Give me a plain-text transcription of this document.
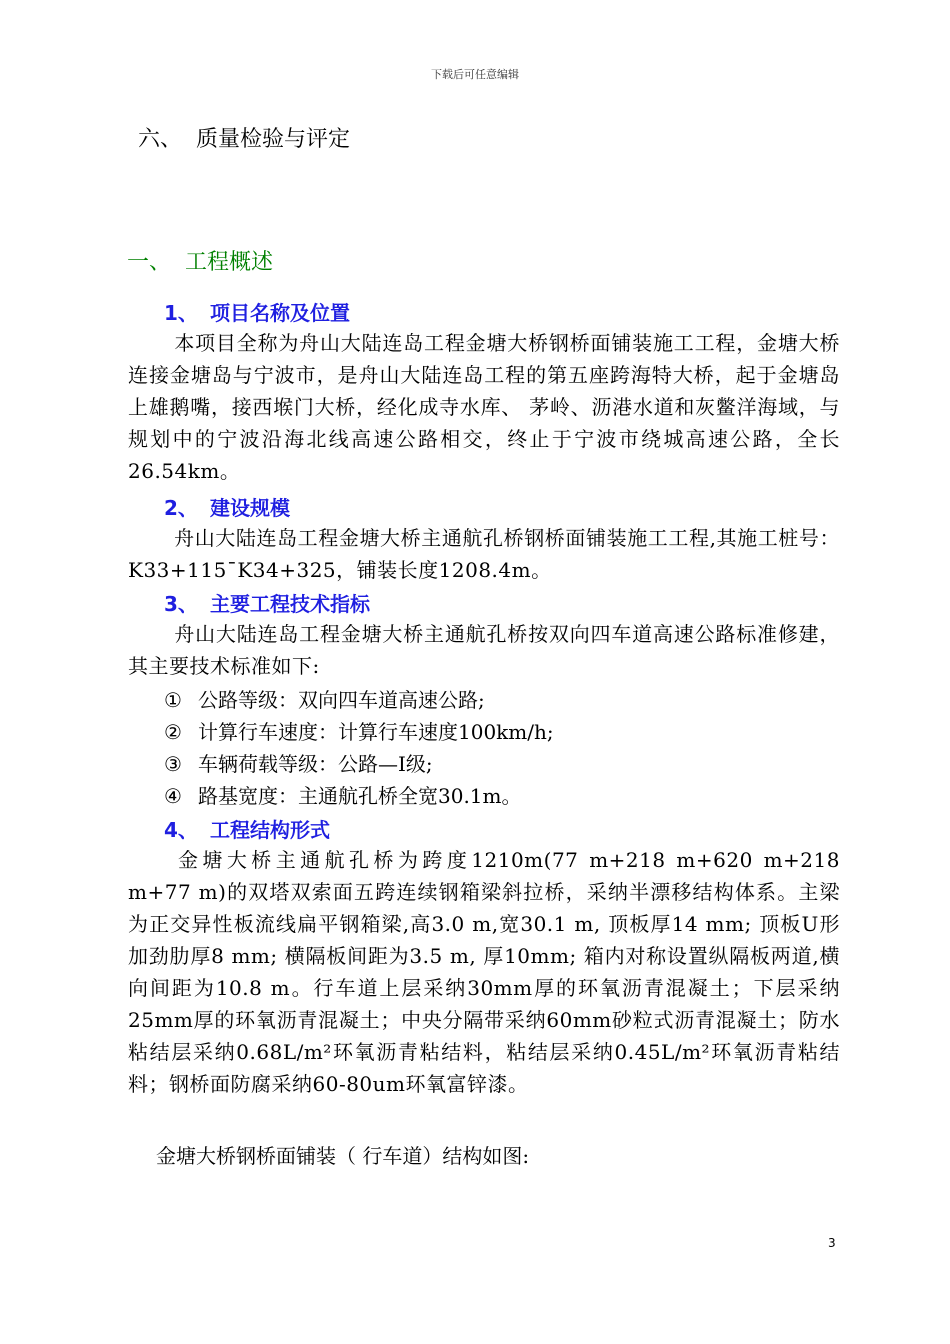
下载后可任意编辑
六、 质量检验与评定
一、 工程概述
1、 项目名称及位置
本项目全称为舟山大陆连岛工程金塘大桥钢桥面铺装施工工程，金塘大桥连接金塘岛与宁波市，是舟山大陆连岛工程的第五座跨海特大桥，起于金塘岛上雄鹅嘴，接西堠门大桥，经化成寺水库、 茅岭、沥港水道和灰鳖洋海域，与规划中的宁波沿海北线高速公路相交，终止于宁波市绕城高速公路，全长26.54km。
2、 建设规模
舟山大陆连岛工程金塘大桥主通航孔桥钢桥面铺装施工工程,其施工桩号：K33+115¯K34+325，铺装长度1208.4m。
3、 主要工程技术指标
舟山大陆连岛工程金塘大桥主通航孔桥按双向四车道高速公路标准修建，其主要技术标准如下:
① 公路等级：双向四车道高速公路;
② 计算行车速度：计算行车速度100km/h;
③ 车辆荷载等级：公路—Ⅰ级;
④ 路基宽度：主通航孔桥全宽30.1m。
4、 工程结构形式
金塘大桥主通航孔桥为跨度1210m(77 m+218 m+620 m+218 m+77 m)的双塔双索面五跨连续钢箱梁斜拉桥，采纳半漂移结构体系。主梁为正交异性板流线扁平钢箱梁,高3.0 m,宽30.1 m, 顶板厚14 mm; 顶板U形加劲肋厚8 mm; 横隔板间距为3.5 m, 厚10mm; 箱内对称设置纵隔板两道,横向间距为10.8 m。行车道上层采纳30mm厚的环氧沥青混凝土；下层采纳25mm厚的环氧沥青混凝土；中央分隔带采纳60mm砂粒式沥青混凝土；防水粘结层采纳0.68L/m²环氧沥青粘结料，粘结层采纳0.45L/m²环氧沥青粘结料；钢桥面防腐采纳60-80um环氧富锌漆。
金塘大桥钢桥面铺装（ 行车道）结构如图:
3
